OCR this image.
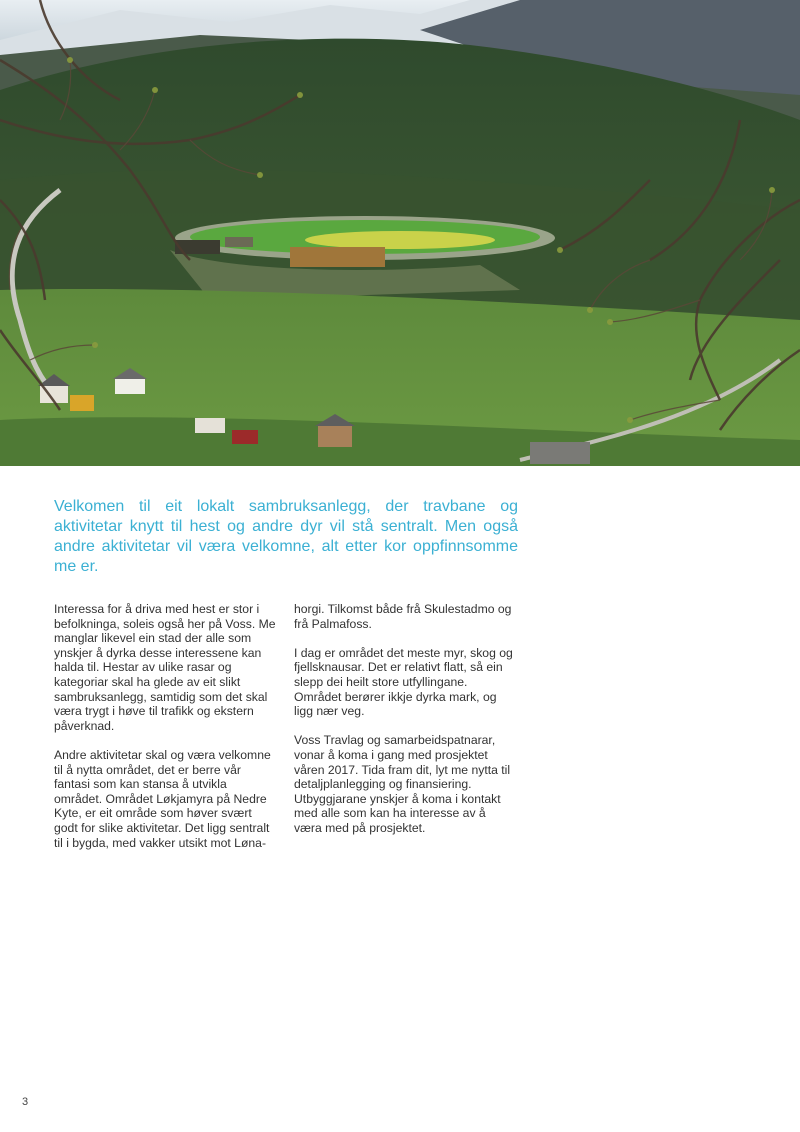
Velkomen til eit lokalt sambruksanlegg, der travbane og aktivitetar knytt til hest og andre dyr vil stå sentralt. Men også andre aktivitetar vil væra velkomne, alt etter kor oppfinnsomme me er.

Interessa for å driva med hest er stor i befolkninga, soleis også her på Voss. Me manglar likevel ein stad der alle som ynskjer å dyrka desse interessene kan halda til. Hestar av ulike rasar og kategoriar skal ha glede av eit slikt sambruksanlegg, samtidig som det skal væra trygt i høve til trafikk og ekstern påverknad.

Andre aktivitetar skal og væra velkomne til å nytta området, det er berre vår fantasi som kan stansa å utvikla området. Området Løkjamyra på Nedre Kyte, er eit område som høver svært godt for slike aktivitetar. Det ligg sentralt til i bygda, med vakker utsikt mot Løna-

horgi. Tilkomst både frå Skulestadmo og frå Palmafoss.

I dag er området det meste myr, skog og fjellsknausar. Det er relativt flatt, så ein slepp dei heilt store utfyllingane. Området berører ikkje dyrka mark, og ligg nær veg.

Voss Travlag og samarbeidspatnarar, vonar å koma i gang med prosjektet våren 2017. Tida fram dit, lyt me nytta til detaljplanlegging og finansiering. Utbyggjarane ynskjer å koma i kontakt med alle som kan ha interesse av å væra med på prosjektet.

3
